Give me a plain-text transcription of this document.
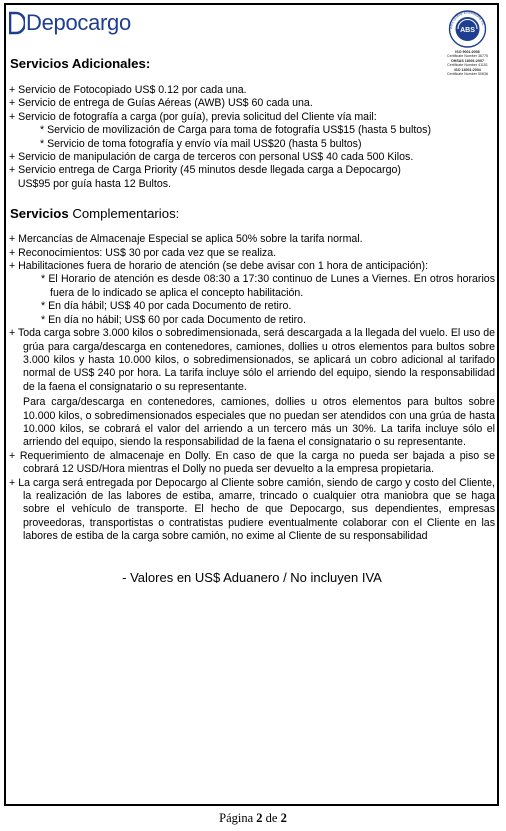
Depocargo	ABS
ABS Quality Evaluations Inc.
ISO 9001:2008
Certificate Number 36775
OHSAS 18001:2007
Certificate Number 41151
ISO 14001:2004
Certificate Number 50636
Servicios Adicionales:
+ Servicio de Fotocopiado US$ 0.12 por cada una.
+ Servicio de entrega de Guías Aéreas (AWB) US$ 60 cada una.
+ Servicio de fotografía a carga (por guía), previa solicitud del Cliente vía mail:
* Servicio de movilización de Carga para toma de fotografía US$15 (hasta 5 bultos)
* Servicio de toma fotografía y envío vía mail US$20 (hasta 5 bultos)
+ Servicio de manipulación de carga de terceros con personal US$ 40 cada 500 Kilos.
+ Servicio entrega de Carga Priority (45 minutos desde llegada carga a Depocargo)
US$95 por guía hasta 12 Bultos.
Servicios Complementarios:
+ Mercancías de Almacenaje Especial se aplica 50% sobre la tarifa normal.
+ Reconocimientos: US$ 30 por cada vez que se realiza.
+ Habilitaciones fuera de horario de atención (se debe avisar con 1 hora de anticipación):
* El Horario de atención es desde 08:30 a 17:30 continuo de Lunes a Viernes. En otros horarios fuera de lo indicado se aplica el concepto habilitación.
* En día hábil; US$ 40 por cada Documento de retiro.
* En día no hábil; US$ 60 por cada Documento de retiro.
+ Toda carga sobre 3.000 kilos o sobredimensionada, será descargada a la llegada del vuelo. El uso de grúa para carga/descarga en contenedores, camiones, dollies u otros elementos para bultos sobre 3.000 kilos y hasta 10.000 kilos, o sobredimensionados, se aplicará un cobro adicional al tarifado normal de US$ 240 por hora. La tarifa incluye sólo el arriendo del equipo, siendo la responsabilidad de la faena el consignatario o su representante.
Para carga/descarga en contenedores, camiones, dollies u otros elementos para bultos sobre 10.000 kilos, o sobredimensionados especiales que no puedan ser atendidos con una grúa de hasta 10.000 kilos, se cobrará el valor del arriendo a un tercero más un 30%. La tarifa incluye sólo el arriendo del equipo, siendo la responsabilidad de la faena el consignatario o su representante.
+ Requerimiento de almacenaje en Dolly. En caso de que la carga no pueda ser bajada a piso se cobrará 12 USD/Hora mientras el Dolly no pueda ser devuelto a la empresa propietaria.
+ La carga será entregada por Depocargo al Cliente sobre camión, siendo de cargo y costo del Cliente, la realización de las labores de estiba, amarre, trincado o cualquier otra maniobra que se haga sobre el vehículo de transporte. El hecho de que Depocargo, sus dependientes, empresas proveedoras, transportistas o contratistas pudiere eventualmente colaborar con el Cliente en las labores de estiba de la carga sobre camión, no exime al Cliente de su responsabilidad
- Valores en US$ Aduanero / No incluyen IVA
Página 2 de 2
